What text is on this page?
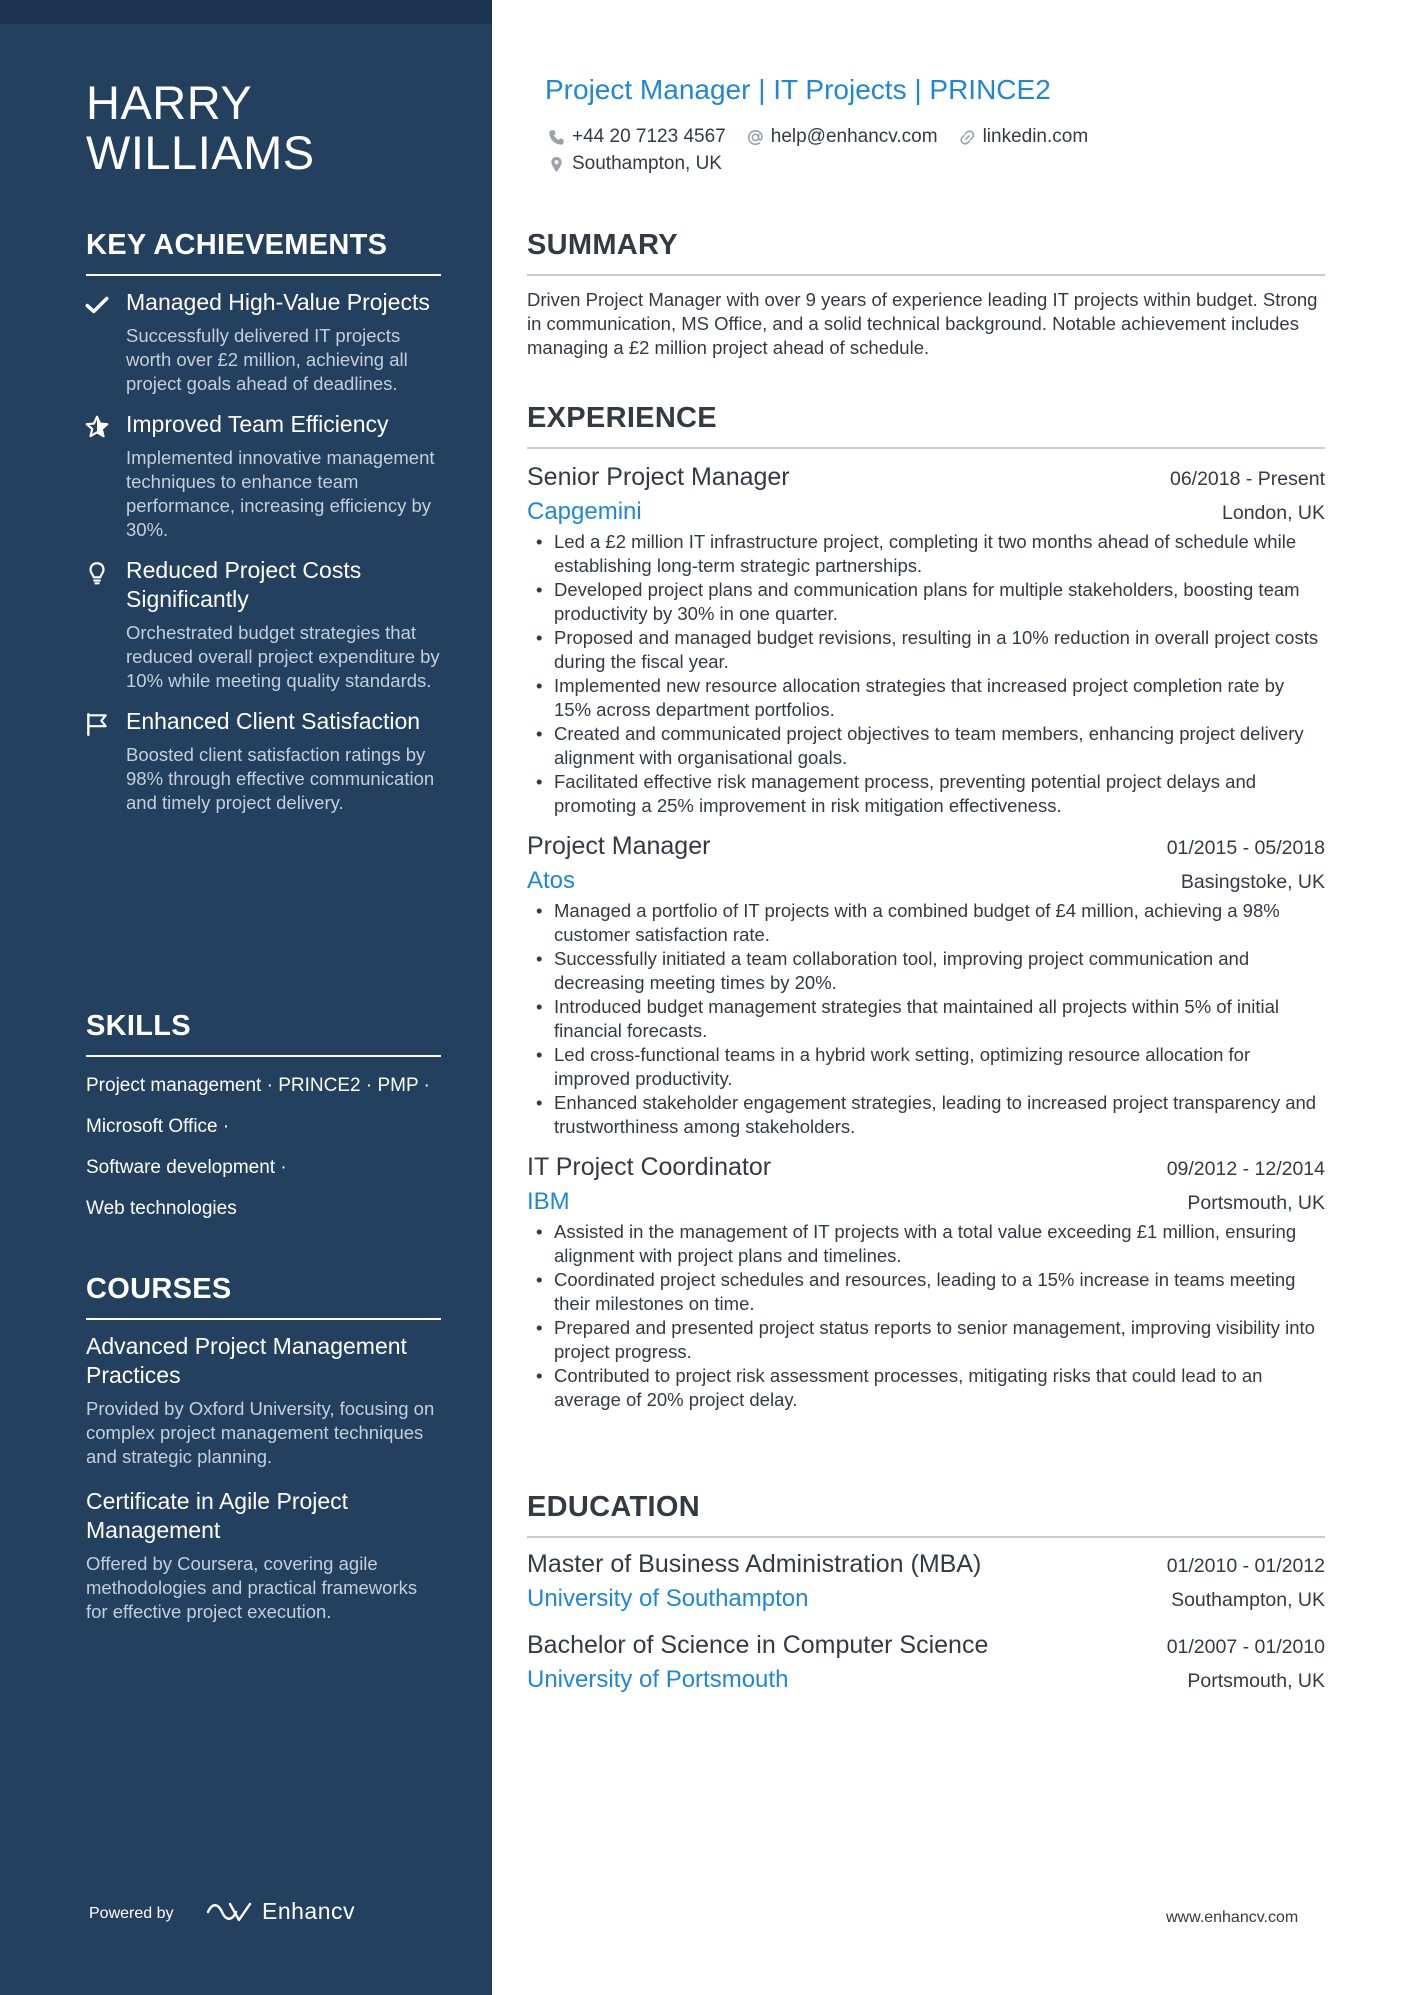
HARRY
WILLIAMS
KEY ACHIEVEMENTS
Managed High-Value Projects
Successfully delivered IT projects worth over £2 million, achieving all project goals ahead of deadlines.
Improved Team Efficiency
Implemented innovative management techniques to enhance team performance, increasing efficiency by 30%.
Reduced Project Costs Significantly
Orchestrated budget strategies that reduced overall project expenditure by 10% while meeting quality standards.
Enhanced Client Satisfaction
Boosted client satisfaction ratings by 98% through effective communication and timely project delivery.
SKILLS
Project management · PRINCE2 · PMP ·
Microsoft Office ·
Software development ·
Web technologies
COURSES
Advanced Project Management Practices
Provided by Oxford University, focusing on complex project management techniques and strategic planning.
Certificate in Agile Project Management
Offered by Coursera, covering agile methodologies and practical frameworks for effective project execution.
Powered by	Enhancv
Project Manager | IT Projects | PRINCE2
+44 20 7123 4567 help@enhancv.com linkedin.com
Southampton, UK
SUMMARY
Driven Project Manager with over 9 years of experience leading IT projects within budget. Strong in communication, MS Office, and a solid technical background. Notable achievement includes managing a £2 million project ahead of schedule.
EXPERIENCE
Senior Project Manager	06/2018 - Present
Capgemini	London, UK
• Led a £2 million IT infrastructure project, completing it two months ahead of schedule while establishing long-term strategic partnerships.
• Developed project plans and communication plans for multiple stakeholders, boosting team productivity by 30% in one quarter.
• Proposed and managed budget revisions, resulting in a 10% reduction in overall project costs during the fiscal year.
• Implemented new resource allocation strategies that increased project completion rate by 15% across department portfolios.
• Created and communicated project objectives to team members, enhancing project delivery alignment with organisational goals.
• Facilitated effective risk management process, preventing potential project delays and promoting a 25% improvement in risk mitigation effectiveness.
Project Manager	01/2015 - 05/2018
Atos	Basingstoke, UK
• Managed a portfolio of IT projects with a combined budget of £4 million, achieving a 98% customer satisfaction rate.
• Successfully initiated a team collaboration tool, improving project communication and decreasing meeting times by 20%.
• Introduced budget management strategies that maintained all projects within 5% of initial financial forecasts.
• Led cross-functional teams in a hybrid work setting, optimizing resource allocation for improved productivity.
• Enhanced stakeholder engagement strategies, leading to increased project transparency and trustworthiness among stakeholders.
IT Project Coordinator	09/2012 - 12/2014
IBM	Portsmouth, UK
• Assisted in the management of IT projects with a total value exceeding £1 million, ensuring alignment with project plans and timelines.
• Coordinated project schedules and resources, leading to a 15% increase in teams meeting their milestones on time.
• Prepared and presented project status reports to senior management, improving visibility into project progress.
• Contributed to project risk assessment processes, mitigating risks that could lead to an average of 20% project delay.
EDUCATION
Master of Business Administration (MBA)	01/2010 - 01/2012
University of Southampton	Southampton, UK
Bachelor of Science in Computer Science	01/2007 - 01/2010
University of Portsmouth	Portsmouth, UK
www.enhancv.com
